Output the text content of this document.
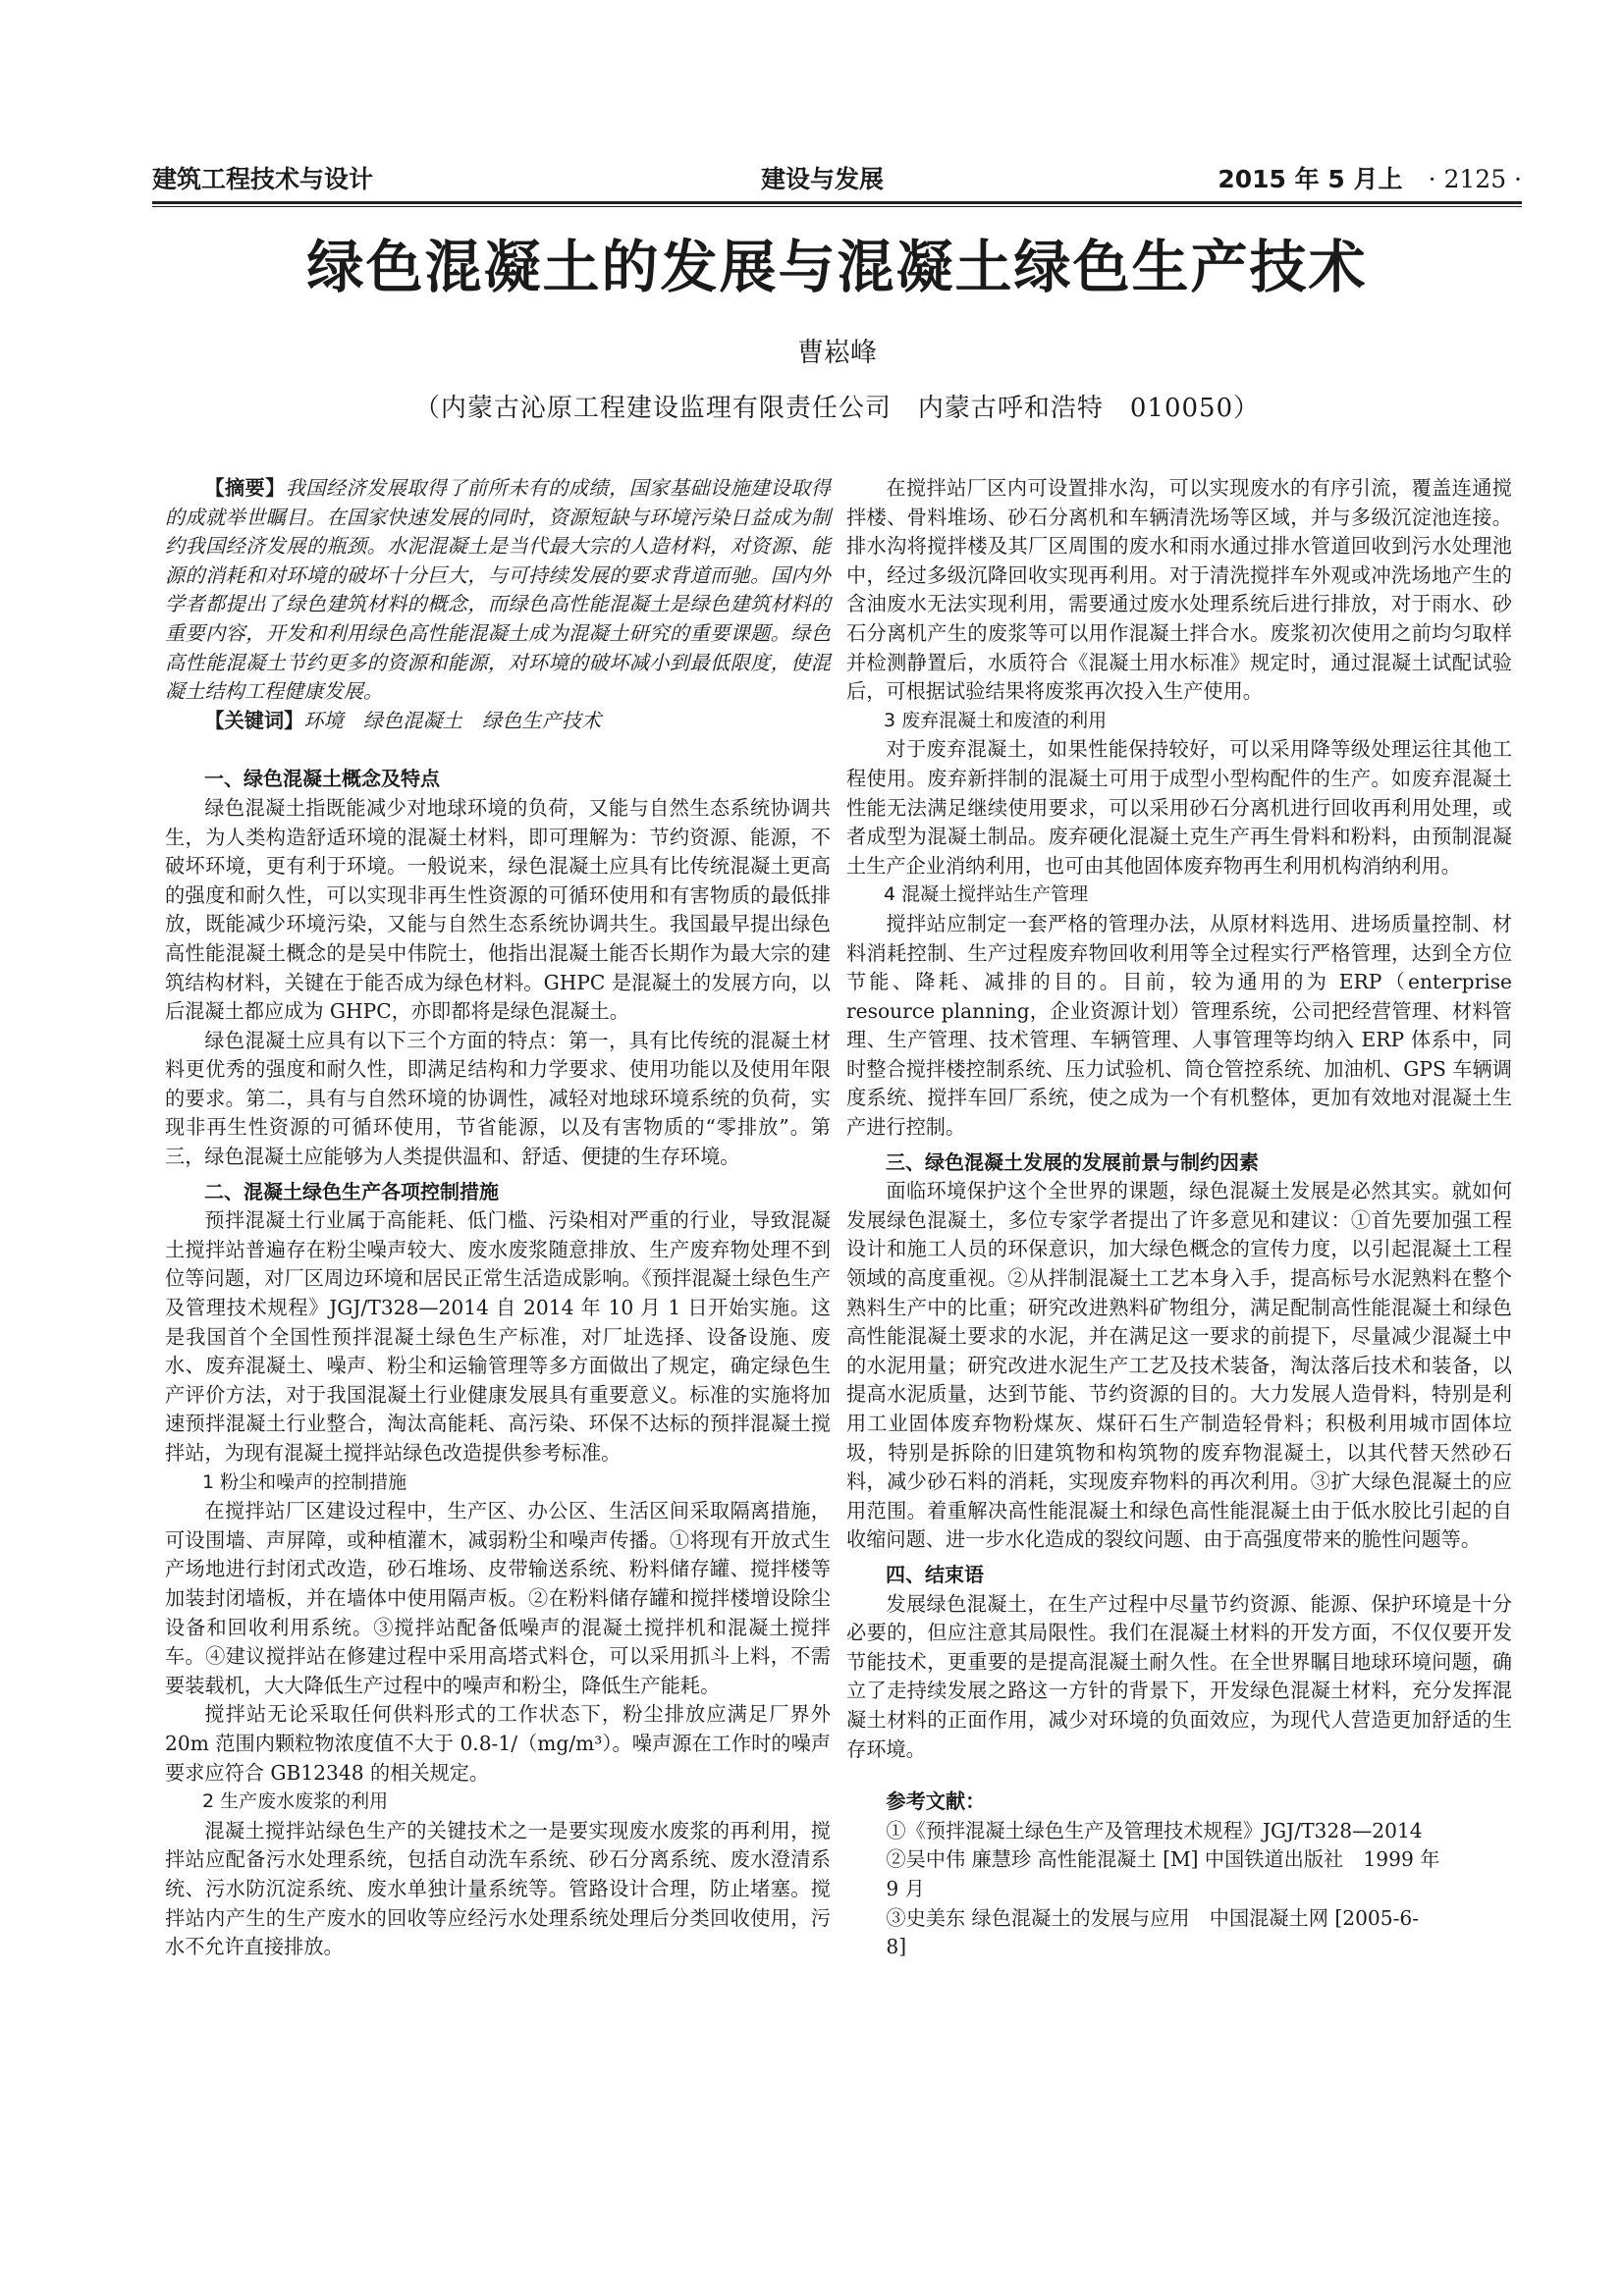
建筑工程技术与设计	建设与发展	2015 年 5 月上 · 2125 ·
绿色混凝土的发展与混凝土绿色生产技术
曹崧峰
（内蒙古沁原工程建设监理有限责任公司　内蒙古呼和浩特　010050）

【摘要】我国经济发展取得了前所未有的成绩，国家基础设施建设取得的成就举世瞩目。在国家快速发展的同时，资源短缺与环境污染日益成为制约我国经济发展的瓶颈。水泥混凝土是当代最大宗的人造材料，对资源、能源的消耗和对环境的破坏十分巨大，与可持续发展的要求背道而驰。国内外学者都提出了绿色建筑材料的概念，而绿色高性能混凝土是绿色建筑材料的重要内容，开发和利用绿色高性能混凝土成为混凝土研究的重要课题。绿色高性能混凝土节约更多的资源和能源，对环境的破坏减小到最低限度，使混凝土结构工程健康发展。

【关键词】环境　绿色混凝土　绿色生产技术

一、绿色混凝土概念及特点

绿色混凝土指既能减少对地球环境的负荷，又能与自然生态系统协调共生，为人类构造舒适环境的混凝土材料，即可理解为：节约资源、能源，不破坏环境，更有利于环境。一般说来，绿色混凝土应具有比传统混凝土更高的强度和耐久性，可以实现非再生性资源的可循环使用和有害物质的最低排放，既能减少环境污染，又能与自然生态系统协调共生。我国最早提出绿色高性能混凝土概念的是吴中伟院士，他指出混凝土能否长期作为最大宗的建筑结构材料，关键在于能否成为绿色材料。GHPC 是混凝土的发展方向，以后混凝土都应成为 GHPC，亦即都将是绿色混凝土。

绿色混凝土应具有以下三个方面的特点：第一，具有比传统的混凝土材料更优秀的强度和耐久性，即满足结构和力学要求、使用功能以及使用年限的要求。第二，具有与自然环境的协调性，减轻对地球环境系统的负荷，实现非再生性资源的可循环使用，节省能源，以及有害物质的“零排放”。第三，绿色混凝土应能够为人类提供温和、舒适、便捷的生存环境。

二、混凝土绿色生产各项控制措施

预拌混凝土行业属于高能耗、低门槛、污染相对严重的行业，导致混凝土搅拌站普遍存在粉尘噪声较大、废水废浆随意排放、生产废弃物处理不到位等问题，对厂区周边环境和居民正常生活造成影响。《预拌混凝土绿色生产及管理技术规程》JGJ/T328—2014 自 2014 年 10 月 1 日开始实施。这是我国首个全国性预拌混凝土绿色生产标准，对厂址选择、设备设施、废水、废弃混凝土、噪声、粉尘和运输管理等多方面做出了规定，确定绿色生产评价方法，对于我国混凝土行业健康发展具有重要意义。标准的实施将加速预拌混凝土行业整合，淘汰高能耗、高污染、环保不达标的预拌混凝土搅拌站，为现有混凝土搅拌站绿色改造提供参考标准。

1 粉尘和噪声的控制措施

在搅拌站厂区建设过程中，生产区、办公区、生活区间采取隔离措施，可设围墙、声屏障，或种植灌木，减弱粉尘和噪声传播。①将现有开放式生产场地进行封闭式改造，砂石堆场、皮带输送系统、粉料储存罐、搅拌楼等加装封闭墙板，并在墙体中使用隔声板。②在粉料储存罐和搅拌楼增设除尘设备和回收利用系统。③搅拌站配备低噪声的混凝土搅拌机和混凝土搅拌车。④建议搅拌站在修建过程中采用高塔式料仓，可以采用抓斗上料，不需要装载机，大大降低生产过程中的噪声和粉尘，降低生产能耗。

搅拌站无论采取任何供料形式的工作状态下，粉尘排放应满足厂界外 20m 范围内颗粒物浓度值不大于 0.8-1/（mg/m³）。噪声源在工作时的噪声要求应符合 GB12348 的相关规定。

2 生产废水废浆的利用

混凝土搅拌站绿色生产的关键技术之一是要实现废水废浆的再利用，搅拌站应配备污水处理系统，包括自动洗车系统、砂石分离系统、废水澄清系统、污水防沉淀系统、废水单独计量系统等。管路设计合理，防止堵塞。搅拌站内产生的生产废水的回收等应经污水处理系统处理后分类回收使用，污水不允许直接排放。

在搅拌站厂区内可设置排水沟，可以实现废水的有序引流，覆盖连通搅拌楼、骨料堆场、砂石分离机和车辆清洗场等区域，并与多级沉淀池连接。排水沟将搅拌楼及其厂区周围的废水和雨水通过排水管道回收到污水处理池中，经过多级沉降回收实现再利用。对于清洗搅拌车外观或冲洗场地产生的含油废水无法实现利用，需要通过废水处理系统后进行排放，对于雨水、砂石分离机产生的废浆等可以用作混凝土拌合水。废浆初次使用之前均匀取样并检测静置后，水质符合《混凝土用水标准》规定时，通过混凝土试配试验后，可根据试验结果将废浆再次投入生产使用。

3 废弃混凝土和废渣的利用

对于废弃混凝土，如果性能保持较好，可以采用降等级处理运往其他工程使用。废弃新拌制的混凝土可用于成型小型构配件的生产。如废弃混凝土性能无法满足继续使用要求，可以采用砂石分离机进行回收再利用处理，或者成型为混凝土制品。废弃硬化混凝土克生产再生骨料和粉料，由预制混凝土生产企业消纳利用，也可由其他固体废弃物再生利用机构消纳利用。

4 混凝土搅拌站生产管理

搅拌站应制定一套严格的管理办法，从原材料选用、进场质量控制、材料消耗控制、生产过程废弃物回收利用等全过程实行严格管理，达到全方位节能、降耗、减排的目的。目前，较为通用的为 ERP（enterprise resource planning，企业资源计划）管理系统，公司把经营管理、材料管理、生产管理、技术管理、车辆管理、人事管理等均纳入 ERP 体系中，同时整合搅拌楼控制系统、压力试验机、筒仓管控系统、加油机、GPS 车辆调度系统、搅拌车回厂系统，使之成为一个有机整体，更加有效地对混凝土生产进行控制。

三、绿色混凝土发展的发展前景与制约因素

面临环境保护这个全世界的课题，绿色混凝土发展是必然其实。就如何发展绿色混凝土，多位专家学者提出了许多意见和建议：①首先要加强工程设计和施工人员的环保意识，加大绿色概念的宣传力度，以引起混凝土工程领域的高度重视。②从拌制混凝土工艺本身入手，提高标号水泥熟料在整个熟料生产中的比重；研究改进熟料矿物组分，满足配制高性能混凝土和绿色高性能混凝土要求的水泥，并在满足这一要求的前提下，尽量减少混凝土中的水泥用量；研究改进水泥生产工艺及技术装备，淘汰落后技术和装备，以提高水泥质量，达到节能、节约资源的目的。大力发展人造骨料，特别是利用工业固体废弃物粉煤灰、煤矸石生产制造轻骨料；积极利用城市固体垃圾，特别是拆除的旧建筑物和构筑物的废弃物混凝土，以其代替天然砂石料，减少砂石料的消耗，实现废弃物料的再次利用。③扩大绿色混凝土的应用范围。着重解决高性能混凝土和绿色高性能混凝土由于低水胶比引起的自收缩问题、进一步水化造成的裂纹问题、由于高强度带来的脆性问题等。

四、结束语

发展绿色混凝土，在生产过程中尽量节约资源、能源、保护环境是十分必要的，但应注意其局限性。我们在混凝土材料的开发方面，不仅仅要开发节能技术，更重要的是提高混凝土耐久性。在全世界瞩目地球环境问题，确立了走持续发展之路这一方针的背景下，开发绿色混凝土材料，充分发挥混凝土材料的正面作用，减少对环境的负面效应，为现代人营造更加舒适的生存环境。

参考文献：

①《预拌混凝土绿色生产及管理技术规程》JGJ/T328—2014

②吴中伟 廉慧珍 高性能混凝土 [M] 中国铁道出版社　1999 年

9 月

③史美东 绿色混凝土的发展与应用　中国混凝土网 [2005-6-

8]
